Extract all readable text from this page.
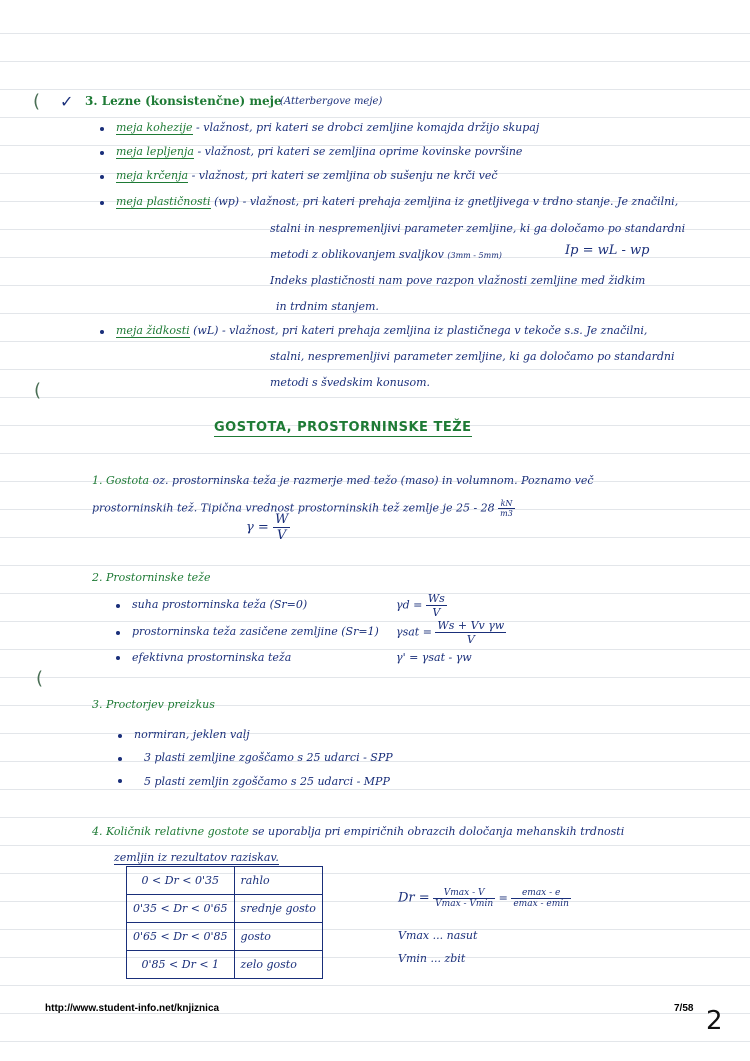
(
(
(
✓ 3. Lezne (konsistenčne) meje
(Atterbergove meje)
meja kohezije - vlažnost, pri kateri se drobci zemljine komajda držijo skupaj
meja lepljenja - vlažnost, pri kateri se zemljina oprime kovinske površine
meja krčenja - vlažnost, pri kateri se zemljina ob sušenju ne krči več
meja plastičnosti (wp) - vlažnost, pri kateri prehaja zemljina iz gnetljivega v trdno stanje. Je značilni,
stalni in nespremenljivi parameter zemljine, ki ga določamo po standardni
metodi z oblikovanjem svaljkov (3mm - 5mm)	Ip = wL - wp
Indeks plastičnosti nam pove razpon vlažnosti zemljine med židkim
in trdnim stanjem.
meja židkosti (wL) - vlažnost, pri kateri prehaja zemljina iz plastičnega v tekoče s.s. Je značilni,
stalni, nespremenljivi parameter zemljine, ki ga določamo po standardni
metodi s švedskim konusom.
GOSTOTA, PROSTORNINSKE TEŽE
1. Gostota oz. prostorninska teža je razmerje med težo (maso) in volumnom. Poznamo več
prostorninskih tež. Tipična vrednost prostorninskih tež zemlje je $25 - 28 \frac{kN}{m3}$
$\gamma = \frac{W}{V}$
2. Prostorninske teže
suha prostorninska teža (Sr=0)	$\gamma d = \frac{Ws}{V}$
prostorninska teža zasičene zemljine (Sr=1) $\gamma sat = \frac{\text{Ws + Vv γw}}{V}$
efektivna prostorninska teža	γ' = γsat - γw
3. Proctorjev preizkus
normiran, jeklen valj
3 plasti zemljine zgoščamo s 25 udarci - SPP
5 plasti zemljin zgoščamo s 25 udarci - MPP
4. Količnik relativne gostote se uporablja pri empiričnih obrazcih določanja mehanskih trdnosti
zemljin iz rezultatov raziskav.
0 < Dr < 0'35	rahlo
0'35 < Dr < 0'65	srednje gosto
0'65 < Dr < 0'85	gosto
0'85 < Dr < 1	zelo gosto
$Dr = \frac{Vmax - V}{Vmax - Vmin} = \frac{emax - e}{emax - emin}$
Vmax ... nasut
Vmin ... zbit
http://www.student-info.net/knjiznica	7/58 2
